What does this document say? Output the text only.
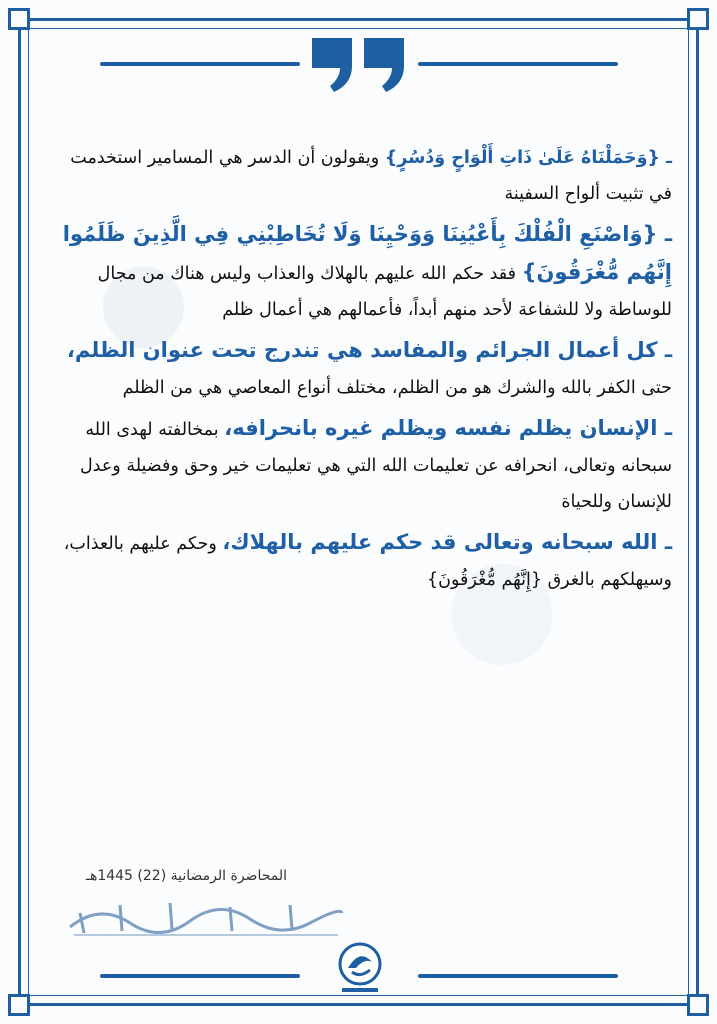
ـ {وَحَمَلْنَاهُ عَلَىٰ ذَاتِ أَلْوَاحٍ وَدُسُرٍ} ويقولون أن الدسر هي المسامير استخدمت في تثبيت ألواح السفينة

ـ {وَاصْنَعِ الْفُلْكَ بِأَعْيُنِنَا وَوَحْيِنَا وَلَا تُخَاطِبْنِي فِي الَّذِينَ ظَلَمُوا إِنَّهُم مُّغْرَقُونَ} فقد حكم الله عليهم بالهلاك والعذاب وليس هناك من مجال للوساطة ولا للشفاعة لأحد منهم أبداً، فأعمالهم هي أعمال ظلم

ـ كل أعمال الجرائم والمفاسد هي تندرج تحت عنوان الظلم، حتى الكفر بالله والشرك هو من الظلم، مختلف أنواع المعاصي هي من الظلم

ـ الإنسان يظلم نفسه ويظلم غيره بانحرافه، بمخالفته لهدى الله سبحانه وتعالى، انحرافه عن تعليمات الله التي هي تعليمات خير وحق وفضيلة وعدل للإنسان وللحياة

ـ الله سبحانه وتعالى قد حكم عليهم بالهلاك، وحكم عليهم بالعذاب، وسيهلكهم بالغرق {إِنَّهُم مُّغْرَقُونَ}

المحاضرة الرمضانية (22) 1445هـ
